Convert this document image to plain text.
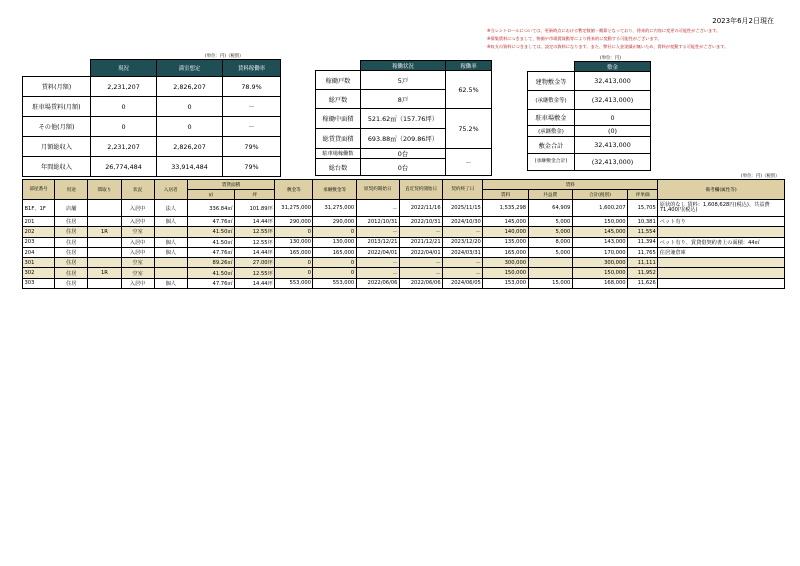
2023年6月2日現在
※当レントロールについては、更新時点における暫定数値・概算となっており、将来的に内容に変更の可能性がございます。
※募集賃料につきまして、物価や市場賃貸動等により将来的に変動する可能性がございます。
※収支の資料につきましては、設定の資料になります。また、弊社に入金実績が無いため、賃料が変動する可能性がございます。
(単位：円)（税別）
	現況	満室想定	賃料稼働率
賃料(月額)	2,231,207	2,826,207	78.9%
駐車場賃料(月額)	0	0	－
その他(月額)	0	0	－
月額総収入	2,231,207	2,826,207	79%
年間総収入	26,774,484	33,914,484	79%
	稼働状況	稼働率
稼働戸数	5戸	62.5%
総戸数	8戸	
稼働中面積	521.62㎡（157.76坪）	75.2%
総賃貸面積	693.88㎡（209.86坪）	
駐車場稼働数	0台	－
総台数	0台	
(単位：円)
	敷金
建物敷金等	32,413,000
(承継敷金等)	(32,413,000)
駐車場敷金	0
(承継敷金)	(0)
敷金合計	32,413,000
(承継敷金合計)	(32,413,000)
(単位：円)（税別）
部屋番号	用途	間取り	状況	入居者	賃貸面積		敷金等	承継敷金等	原契約開始日	直近契約開始日	契約終了日	賃料				備考欄(属性等)
					㎡	坪						賃料	共益費	合計(税別)	坪単価	
B1F、1F	店舗		入居中	法人	336.84㎡	101.89坪	31,275,000	31,275,000	－	2022/11/16	2025/11/15	1,535,298	64,909	1,600,207	15,705	原状的なし 賃料：1,608,628円(税込)、共益費71,400円(税込)
201	住居		入居中	個人	47.76㎡	14.44坪	290,000	290,000	2012/10/31	2022/10/31	2024/10/30	145,000	5,000	150,000	10,381	ペット有り
202	住居	1R	空室		41.50㎡	12.55坪	0	0	－	－	－	140,000	5,000	145,000	11,554	
203	住居		入居中	個人	41.50㎡	12.55坪	130,000	130,000	2013/12/21	2021/12/21	2023/12/20	135,000	8,000	143,000	11,394	ペット有り、賃貸借契約書上の面積：44㎡
204	住居		入居中	個人	47.76㎡	14.44坪	165,000	165,000	2022/04/01	2022/04/01	2024/03/31	165,000	5,000	170,000	11,765	住居兼倉庫
301	住居		空室		89.26㎡	27.00坪	0	0	－	－	－	300,000		300,000	11,111	
302	住居	1R	空室		41.50㎡	12.55坪	0	0	－	－	－	150,000		150,000	11,952	
303	住居		入居中	個人	47.76㎡	14.44坪	553,000	553,000	2022/06/06	2022/06/06	2024/06/05	153,000	15,000	168,000	11,626	
